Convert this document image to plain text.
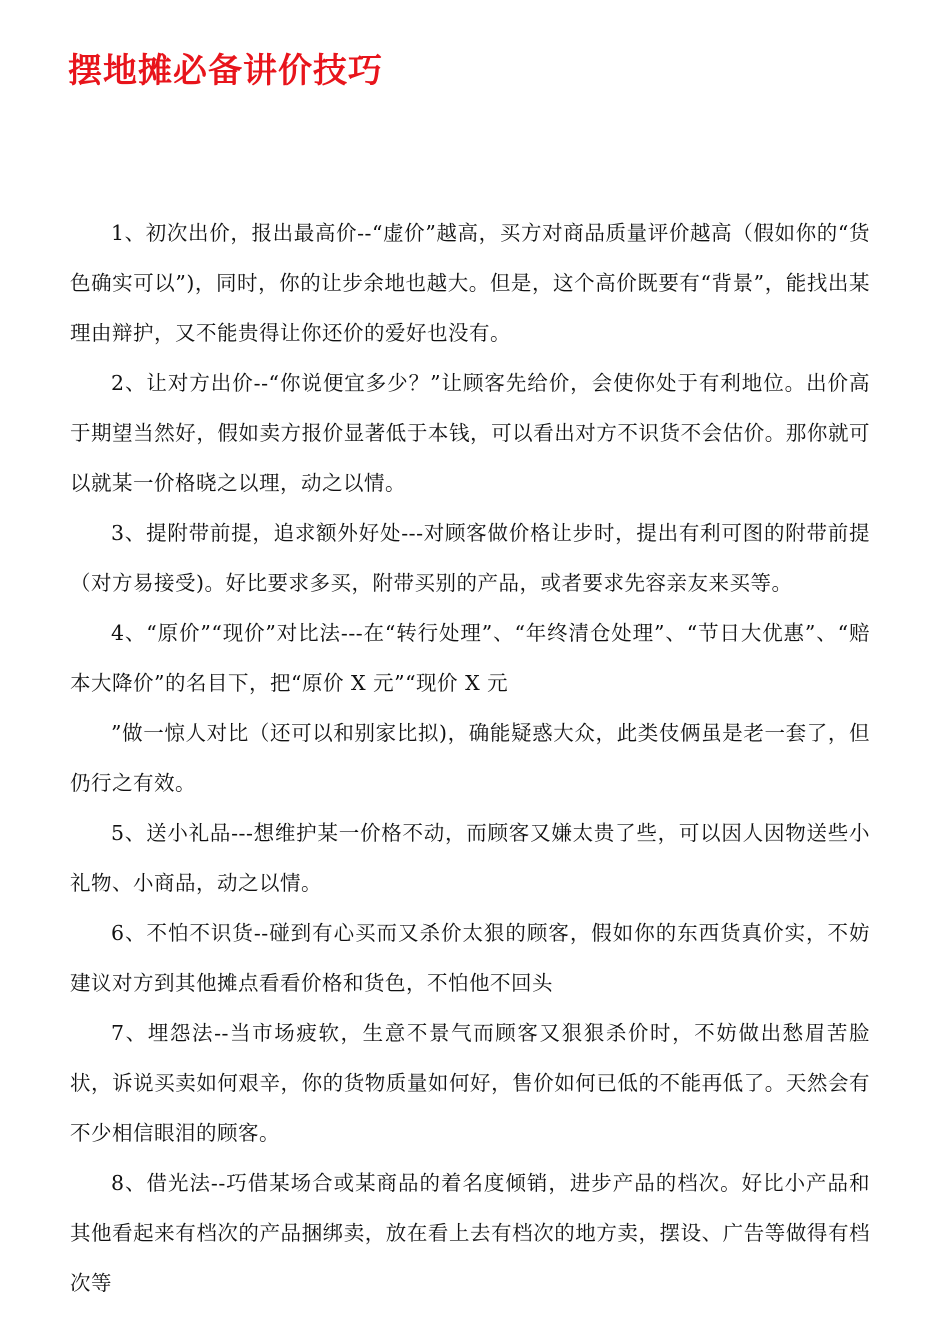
摆地摊必备讲价技巧

1、初次出价，报出最高价--“虚价”越高，买方对商品质量评价越高（假如你的“货色确实可以”)，同时，你的让步余地也越大。但是，这个高价既要有“背景”，能找出某理由辩护，又不能贵得让你还价的爱好也没有。

2、让对方出价--“你说便宜多少？”让顾客先给价，会使你处于有利地位。出价高于期望当然好，假如卖方报价显著低于本钱，可以看出对方不识货不会估价。那你就可以就某一价格晓之以理，动之以情。

3、提附带前提，追求额外好处---对顾客做价格让步时，提出有利可图的附带前提（对方易接受)。好比要求多买，附带买别的产品，或者要求先容亲友来买等。

4、“原价”“现价”对比法---在“转行处理”、“年终清仓处理”、“节日大优惠”、“赔本大降价”的名目下，把“原价 X 元”“现价 X 元

”做一惊人对比（还可以和别家比拟)，确能疑惑大众，此类伎俩虽是老一套了，但仍行之有效。

5、送小礼品---想维护某一价格不动，而顾客又嫌太贵了些，可以因人因物送些小礼物、小商品，动之以情。

6、不怕不识货--碰到有心买而又杀价太狠的顾客，假如你的东西货真价实，不妨建议对方到其他摊点看看价格和货色，不怕他不回头

7、埋怨法--当市场疲软，生意不景气而顾客又狠狠杀价时，不妨做出愁眉苦脸状，诉说买卖如何艰辛，你的货物质量如何好，售价如何已低的不能再低了。天然会有不少相信眼泪的顾客。

8、借光法--巧借某场合或某商品的着名度倾销，进步产品的档次。好比小产品和其他看起来有档次的产品捆绑卖，放在看上去有档次的地方卖，摆设、广告等做得有档次等
